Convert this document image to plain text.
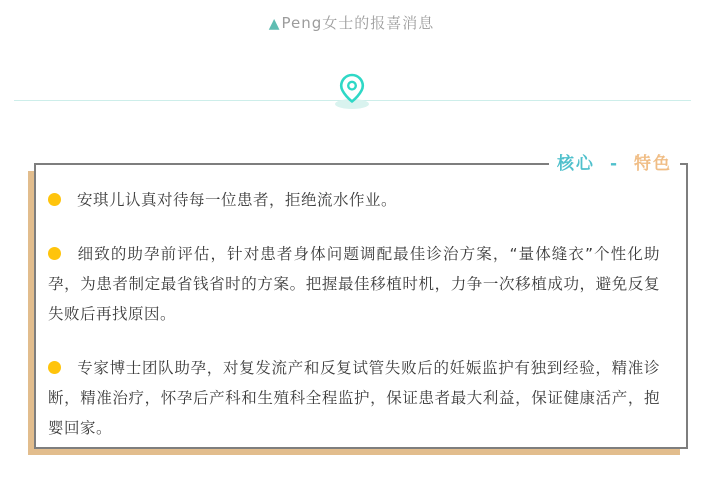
▲Peng女士的报喜消息
核心 - 特色

安琪儿认真对待每一位患者，拒绝流水作业。

细致的助孕前评估，针对患者身体问题调配最佳诊治方案，“量体缝衣”个性化助孕，为患者制定最省钱省时的方案。把握最佳移植时机，力争一次移植成功，避免反复失败后再找原因。

专家博士团队助孕，对复发流产和反复试管失败后的妊娠监护有独到经验，精准诊断，精准治疗，怀孕后产科和生殖科全程监护，保证患者最大利益，保证健康活产，抱婴回家。
